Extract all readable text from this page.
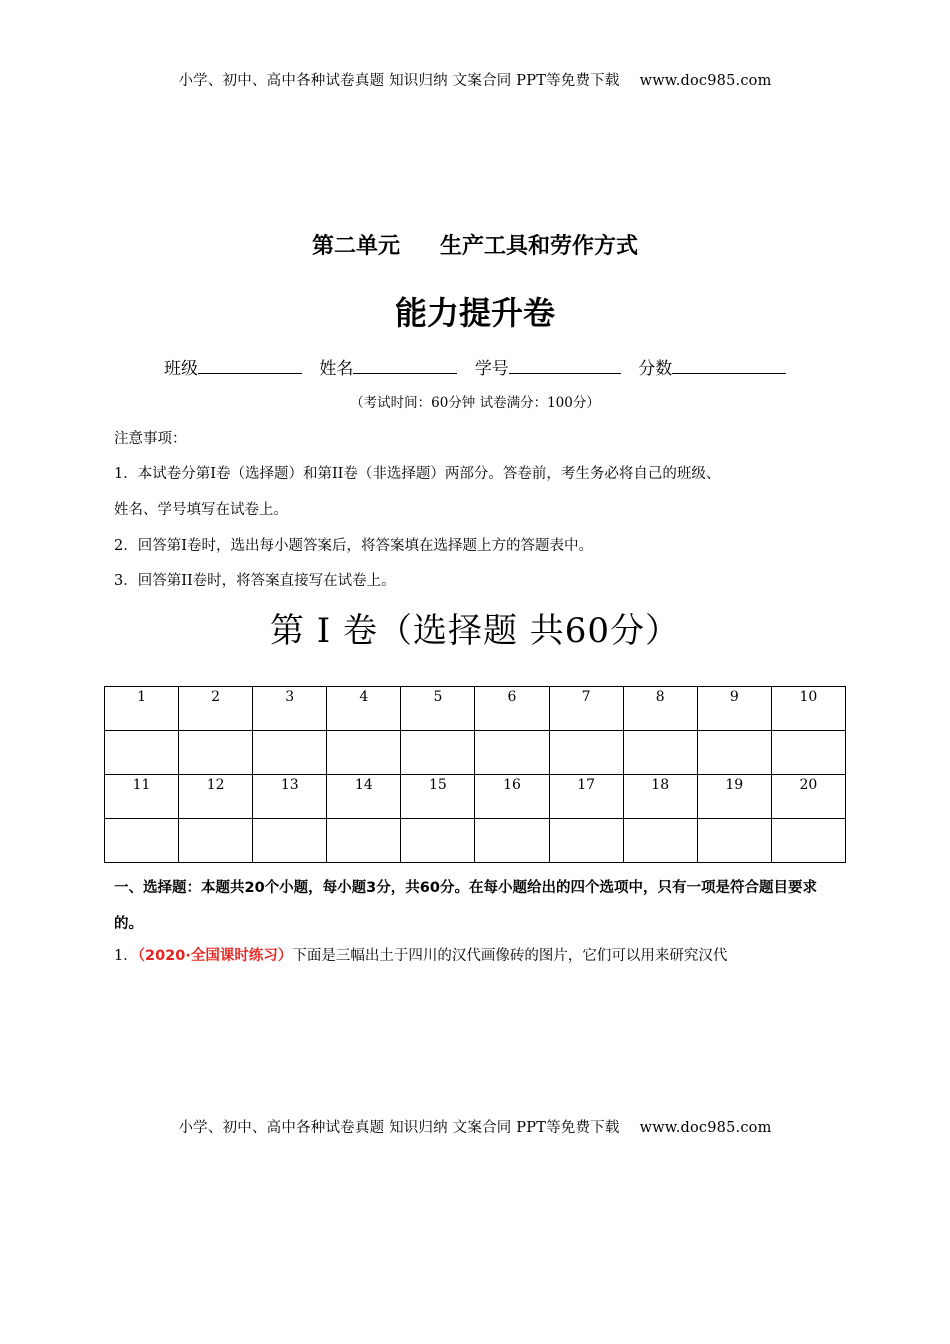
小学、初中、高中各种试卷真题 知识归纳 文案合同 PPT等免费下载 www.doc985.com
第二单元 生产工具和劳作方式
能力提升卷
班级	姓名	学号	分数
（考试时间：60分钟 试卷满分：100分）
注意事项：
1．本试卷分第I卷（选择题）和第II卷（非选择题）两部分。答卷前，考生务必将自己的班级、
姓名、学号填写在试卷上。
2．回答第I卷时，选出每小题答案后，将答案填在选择题上方的答题表中。
3．回答第II卷时，将答案直接写在试卷上。
第 I 卷（选择题 共60分）
1	2	3	4	5	6	7	8	9	10

11	12	13	14	15	16	17	18	19	20

一、选择题：本题共20个小题，每小题3分，共60分。在每小题给出的四个选项中，只有一项是符合题目要求的。
1．（2020·全国课时练习）下面是三幅出土于四川的汉代画像砖的图片，它们可以用来研究汉代
小学、初中、高中各种试卷真题 知识归纳 文案合同 PPT等免费下载 www.doc985.com
